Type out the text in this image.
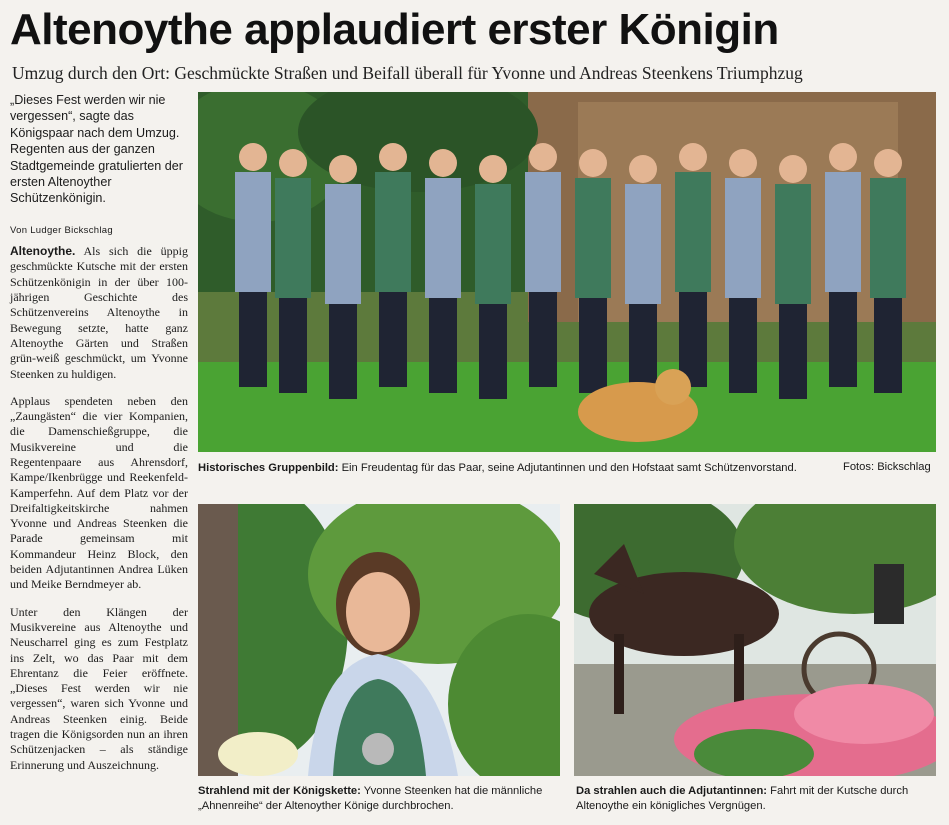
Altenoythe applaudiert erster Königin
Umzug durch den Ort: Geschmückte Straßen und Beifall überall für Yvonne und Andreas Steenkens Triumphzug

„Dieses Fest werden wir nie vergessen“, sagte das Königspaar nach dem Umzug. Regenten aus der ganzen Stadtgemeinde gratulierten der ersten Altenoyther Schützenkönigin.

Von Ludger Bickschlag

Altenoythe. Als sich die üppig geschmückte Kutsche mit der ersten Schützenkönigin in der über 100-jährigen Geschichte des Schützenvereins Altenoythe in Bewegung setzte, hatte ganz Altenoythe Gärten und Straßen grün-weiß geschmückt, um Yvonne Steenken zu huldigen.

Applaus spendeten neben den „Zaungästen“ die vier Kompanien, die Damenschießgruppe, die Musikvereine und die Regentenpaare aus Ahrensdorf, Kampe/Ikenbrügge und Reekenfeld-Kamperfehn. Auf dem Platz vor der Dreifaltigkeitskirche nahmen Yvonne und Andreas Steenken die Parade gemeinsam mit Kommandeur Heinz Block, den beiden Adjutantinnen Andrea Lüken und Meike Berndmeyer ab.

Unter den Klängen der Musikvereine aus Altenoythe und Neuscharrel ging es zum Festplatz ins Zelt, wo das Paar mit dem Ehrentanz die Feier eröffnete. „Dieses Fest werden wir nie vergessen“, waren sich Yvonne und Andreas Steenken einig. Beide tragen die Königsorden nun an ihren Schützenjacken – als ständige Erinnerung und Auszeichnung.

Historisches Gruppenbild: Ein Freudentag für das Paar, seine Adjutantinnen und den Hofstaat samt Schützenvorstand.	Fotos: Bickschlag
Strahlend mit der Königskette: Yvonne Steenken hat die männliche „Ahnenreihe“ der Altenoyther Könige durchbrochen.
Da strahlen auch die Adjutantinnen: Fahrt mit der Kutsche durch Altenoythe ein königliches Vergnügen.
